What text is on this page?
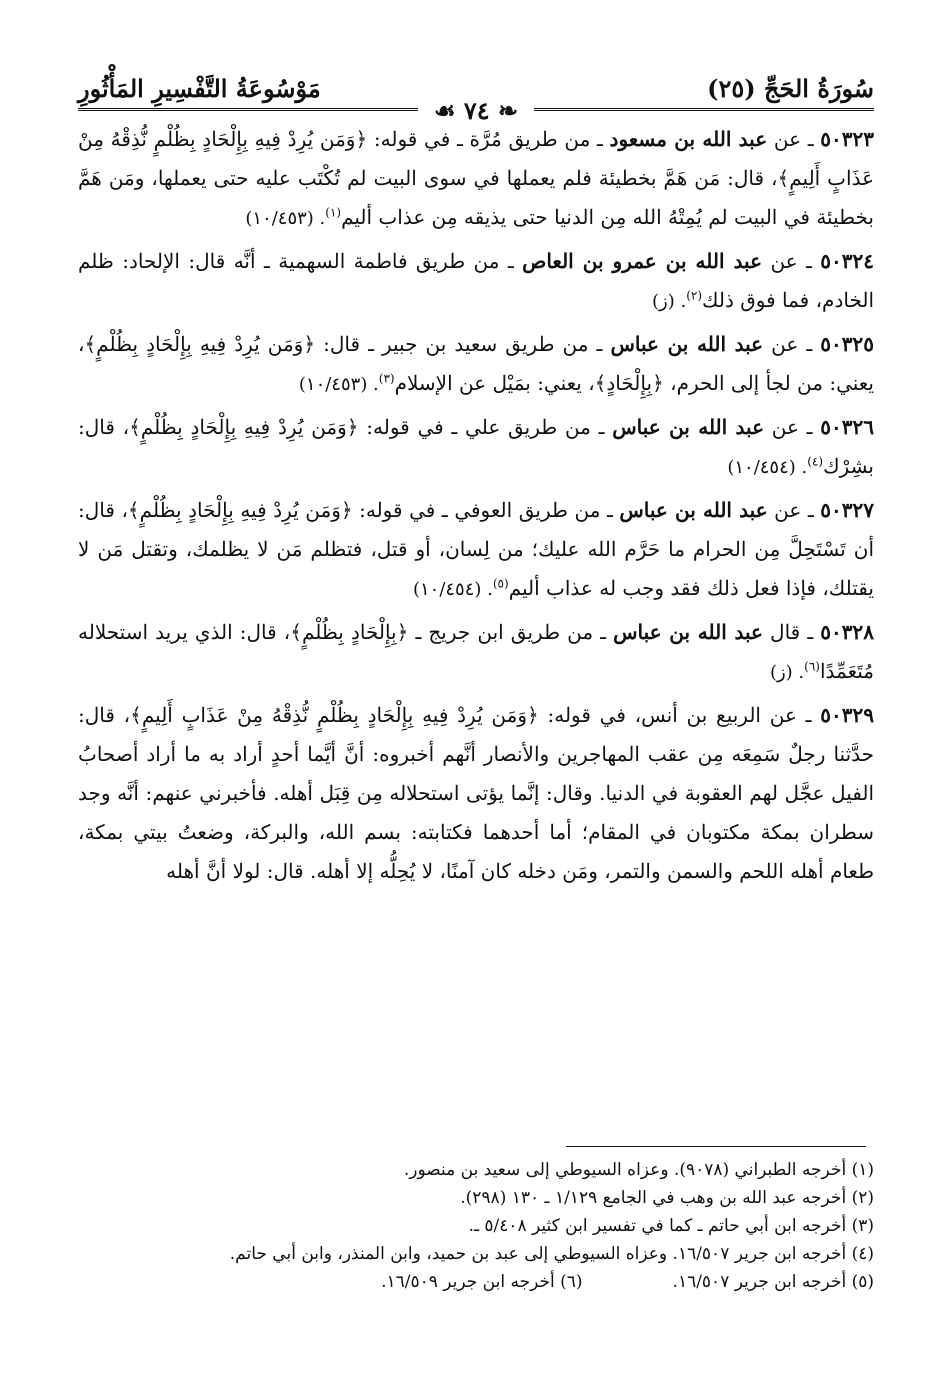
سُورَةُ الحَجِّ (٢٥)
مَوْسُوعَةُ التَّفْسِيرِ المَأْثُورِ
❧ ٧٤ ☙

٥٠٣٢٣ ـ عن عبد الله بن مسعود ـ من طريق مُرَّة ـ في قوله: ﴿وَمَن يُرِدْ فِيهِ بِإِلْحَادٍ بِظُلْمٍ نُّذِقْهُ مِنْ عَذَابٍ أَلِيمٍ﴾، قال: مَن هَمَّ بخطيئة فلم يعملها في سوى البيت لم تُكْتَب عليه حتى يعملها، ومَن هَمَّ بخطيئة في البيت لم يُمِتْهُ الله مِن الدنيا حتى يذيقه مِن عذاب أليم$^{(١)}$. (١٠/٤٥٣)

٥٠٣٢٤ ـ عن عبد الله بن عمرو بن العاص ـ من طريق فاطمة السهمية ـ أنَّه قال: الإلحاد: ظلم الخادم، فما فوق ذلك$^{(٢)}$. (ز)

٥٠٣٢٥ ـ عن عبد الله بن عباس ـ من طريق سعيد بن جبير ـ قال: ﴿وَمَن يُرِدْ فِيهِ بِإِلْحَادٍ بِظُلْمٍ﴾، يعني: من لجأ إلى الحرم، ﴿بِإِلْحَادٍ﴾، يعني: بمَيْل عن الإسلام$^{(٣)}$. (١٠/٤٥٣)

٥٠٣٢٦ ـ عن عبد الله بن عباس ـ من طريق علي ـ في قوله: ﴿وَمَن يُرِدْ فِيهِ بِإِلْحَادٍ بِظُلْمٍ﴾، قال: بشِرْك$^{(٤)}$. (١٠/٤٥٤)

٥٠٣٢٧ ـ عن عبد الله بن عباس ـ من طريق العوفي ـ في قوله: ﴿وَمَن يُرِدْ فِيهِ بِإِلْحَادٍ بِظُلْمٍ﴾، قال: أن تَسْتَحِلَّ مِن الحرام ما حَرَّم الله عليك؛ من لِسان، أو قتل، فتظلم مَن لا يظلمك، وتقتل مَن لا يقتلك، فإذا فعل ذلك فقد وجب له عذاب أليم$^{(٥)}$. (١٠/٤٥٤)

٥٠٣٢٨ ـ قال عبد الله بن عباس ـ من طريق ابن جريج ـ ﴿بِإِلْحَادٍ بِظُلْمٍ﴾، قال: الذي يريد استحلاله مُتَعَمِّدًا$^{(٦)}$. (ز)

٥٠٣٢٩ ـ عن الربيع بن أنس، في قوله: ﴿وَمَن يُرِدْ فِيهِ بِإِلْحَادٍ بِظُلْمٍ نُّذِقْهُ مِنْ عَذَابٍ أَلِيمٍ﴾، قال: حدَّثنا رجلٌ سَمِعَه مِن عقب المهاجرين والأنصار أنَّهم أخبروه: أنَّ أيَّما أحدٍ أراد به ما أراد أصحابُ الفيل عجَّل لهم العقوبة في الدنيا. وقال: إنَّما يؤتى استحلاله مِن قِبَل أهله. فأخبرني عنهم: أنَّه وجد سطران بمكة مكتوبان في المقام؛ أما أحدهما فكتابته: بسم الله، والبركة، وضعتُ بيتي بمكة، طعام أهله اللحم والسمن والتمر، ومَن دخله كان آمنًا، لا يُحِلُّه إلا أهله. قال: لولا أنَّ أهله

(١) أخرجه الطبراني (٩٠٧٨). وعزاه السيوطي إلى سعيد بن منصور.

(٢) أخرجه عبد الله بن وهب في الجامع ١/١٢٩ ـ ١٣٠ (٢٩٨).

(٣) أخرجه ابن أبي حاتم ـ كما في تفسير ابن كثير ٥/٤٠٨ ـ.

(٤) أخرجه ابن جرير ١٦/٥٠٧. وعزاه السيوطي إلى عبد بن حميد، وابن المنذر، وابن أبي حاتم.

(٥) أخرجه ابن جرير ١٦/٥٠٧.
(٦) أخرجه ابن جرير ١٦/٥٠٩.
